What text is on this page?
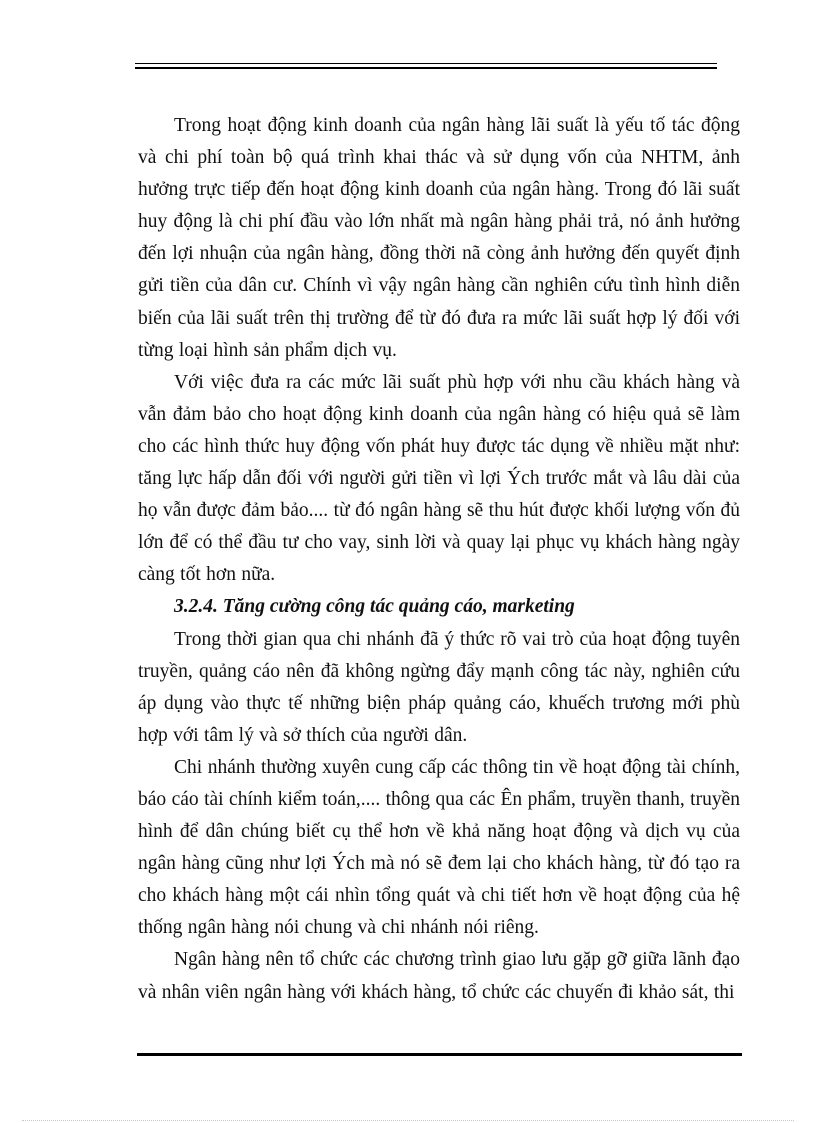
Trong hoạt động kinh doanh của ngân hàng lãi suất là yếu tố tác động và chi phí toàn bộ quá trình khai thác và sử dụng vốn của NHTM, ảnh hưởng trực tiếp đến hoạt động kinh doanh của ngân hàng. Trong đó lãi suất huy động là chi phí đầu vào lớn nhất mà ngân hàng phải trả, nó ảnh hưởng đến lợi nhuận của ngân hàng, đồng thời nã còng ảnh hưởng đến quyết định gửi tiền của dân cư. Chính vì vậy ngân hàng cần nghiên cứu tình hình diễn biến của lãi suất trên thị trường để từ đó đưa ra mức lãi suất hợp lý đối với từng loại hình sản phẩm dịch vụ.

Với việc đưa ra các mức lãi suất phù hợp với nhu cầu khách hàng và vẫn đảm bảo cho hoạt động kinh doanh của ngân hàng có hiệu quả sẽ làm cho các hình thức huy động vốn phát huy được tác dụng về nhiều mặt như: tăng lực hấp dẫn đối với người gửi tiền vì lợi Ých trước mắt và lâu dài của họ vẫn được đảm bảo.... từ đó ngân hàng sẽ thu hút được khối lượng vốn đủ lớn để có thể đầu tư cho vay, sinh lời và quay lại phục vụ khách hàng ngày càng tốt hơn nữa.

3.2.4. Tăng cường công tác quảng cáo, marketing

Trong thời gian qua chi nhánh đã ý thức rõ vai trò của hoạt động tuyên truyền, quảng cáo nên đã không ngừng đẩy mạnh công tác này, nghiên cứu áp dụng vào thực tế những biện pháp quảng cáo, khuếch trương mới phù hợp với tâm lý và sở thích của người dân.

Chi nhánh thường xuyên cung cấp các thông tin về hoạt động tài chính, báo cáo tài chính kiểm toán,.... thông qua các Ên phẩm, truyền thanh, truyền hình để dân chúng biết cụ thể hơn về khả năng hoạt động và dịch vụ của ngân hàng cũng như lợi Ých mà nó sẽ đem lại cho khách hàng, từ đó tạo ra cho khách hàng một cái nhìn tổng quát và chi tiết hơn về hoạt động của hệ thống ngân hàng nói chung và chi nhánh nói riêng.

Ngân hàng nên tổ chức các chương trình giao lưu gặp gỡ giữa lãnh đạo và nhân viên ngân hàng với khách hàng, tổ chức các chuyến đi khảo sát, thi
